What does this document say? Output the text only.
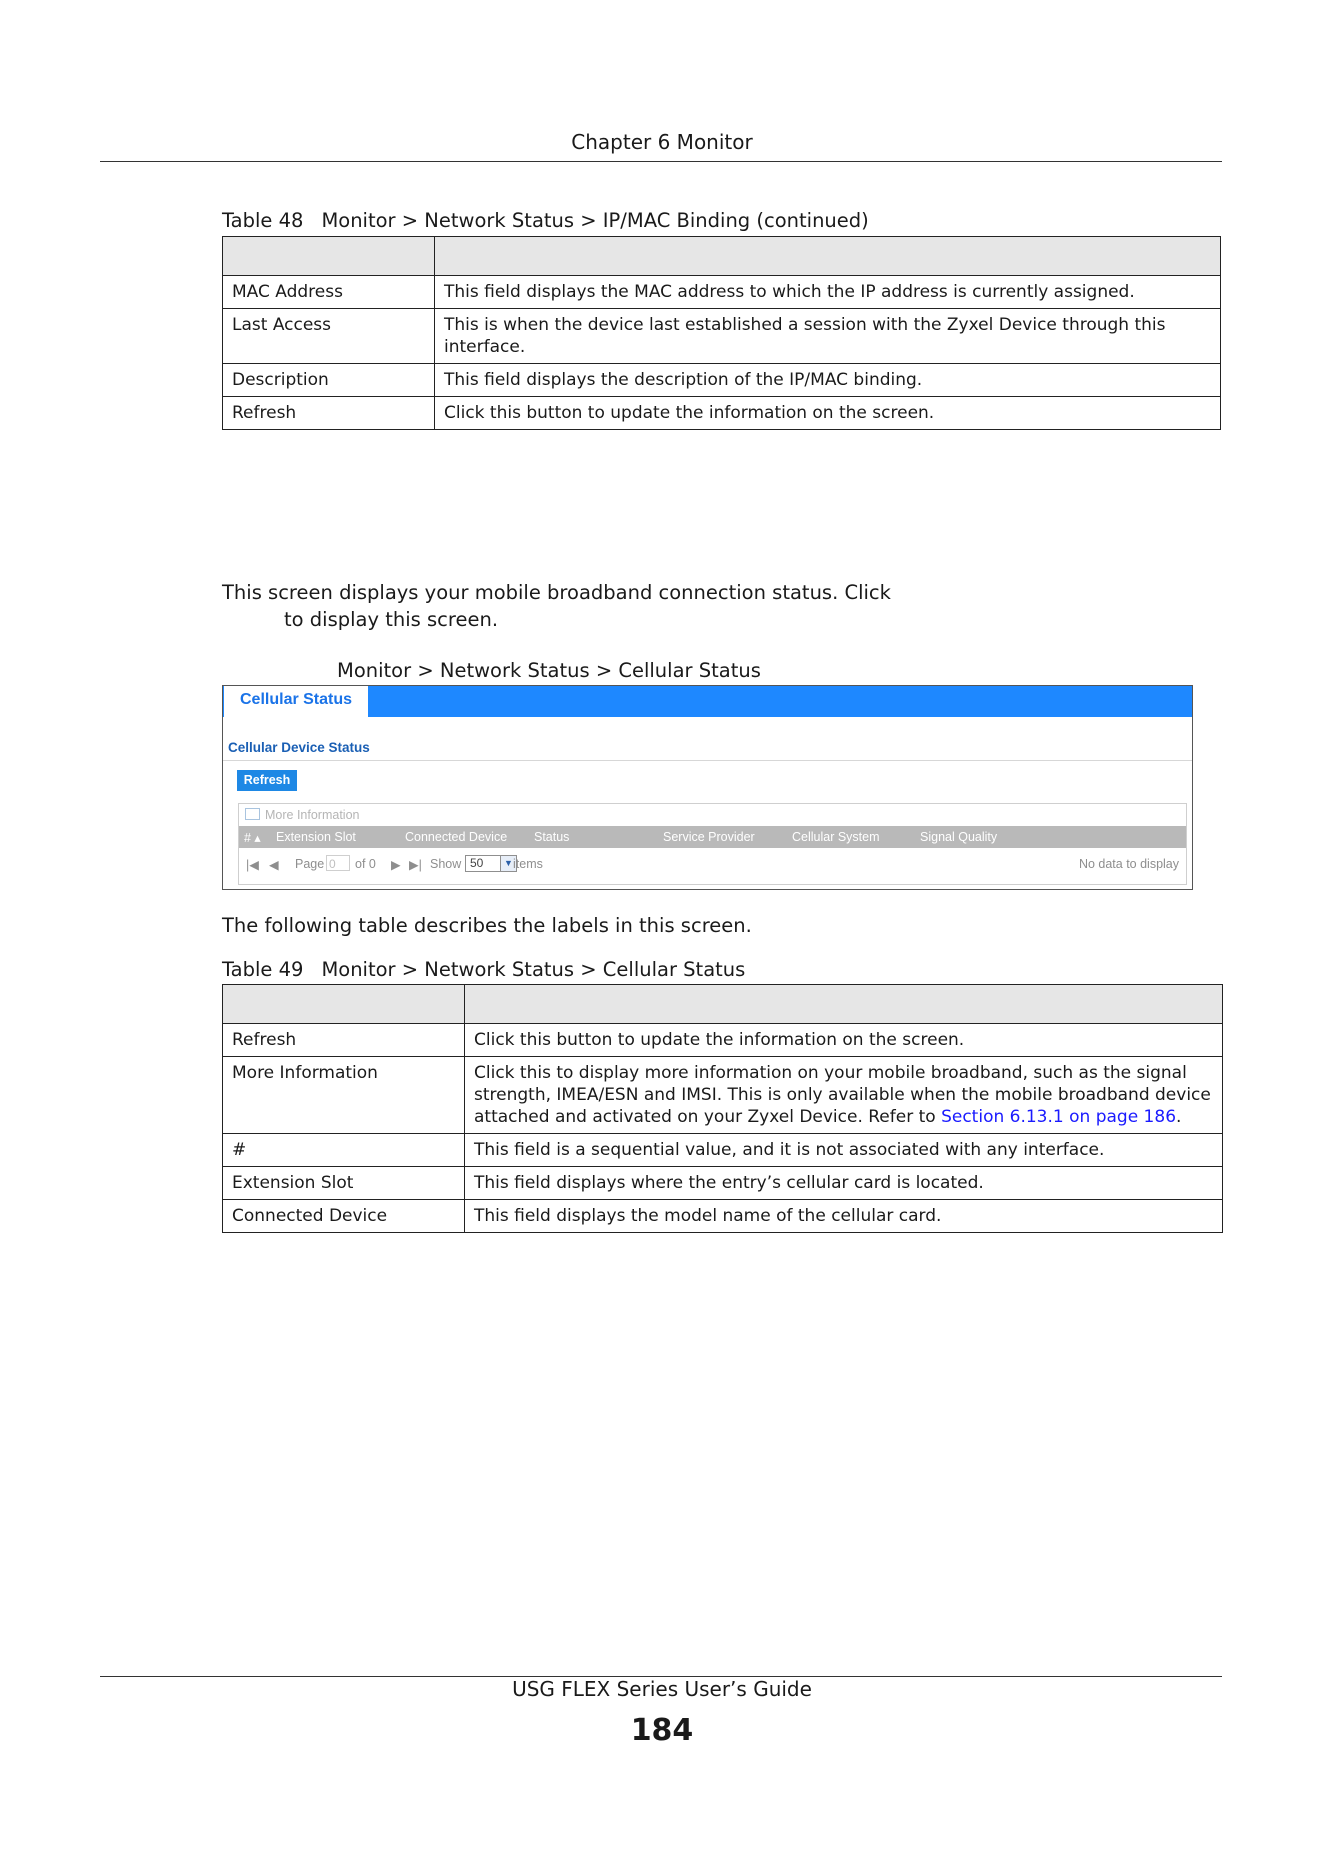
Chapter 6 Monitor
Table 48 Monitor > Network Status > IP/MAC Binding (continued)

MAC Address	This field displays the MAC address to which the IP address is currently assigned.
Last Access	This is when the device last established a session with the Zyxel Device through this interface.
Description	This field displays the description of the IP/MAC binding.
Refresh	Click this button to update the information on the screen.
This screen displays your mobile broadband connection status. Click
to display this screen.
Monitor > Network Status > Cellular Status
Cellular Status
Cellular Device Status
Refresh
More Information
# ▴ Extension Slot	Connected Device Status	Service Provider	Cellular System	Signal Quality
|◀ ◀ Page 0	of 0 ▶ ▶| Show 50	▼ items	No data to display
The following table describes the labels in this screen.
Table 49 Monitor > Network Status > Cellular Status

Refresh	Click this button to update the information on the screen.
More Information	Click this to display more information on your mobile broadband, such as the signal strength, IMEA/ESN and IMSI. This is only available when the mobile broadband device attached and activated on your Zyxel Device. Refer to Section 6.13.1 on page 186.
#	This field is a sequential value, and it is not associated with any interface.
Extension Slot	This field displays where the entry’s cellular card is located.
Connected Device	This field displays the model name of the cellular card.
USG FLEX Series User’s Guide
184
